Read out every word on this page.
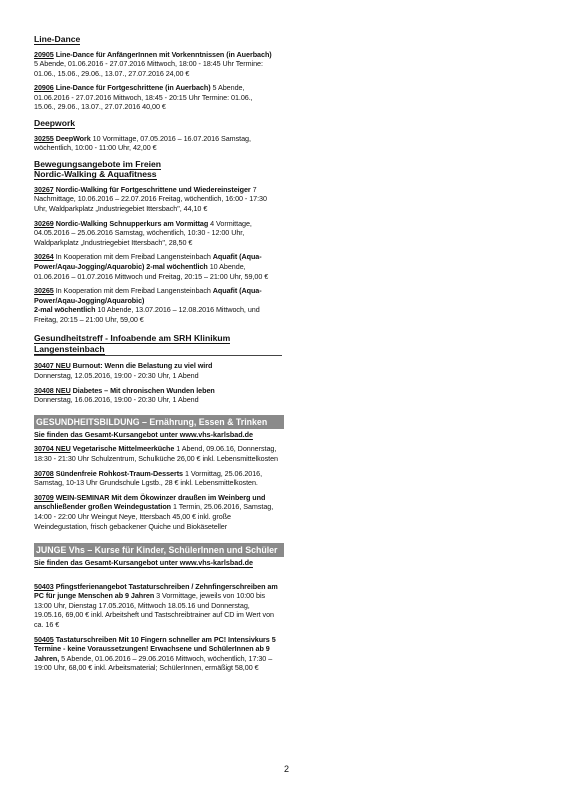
Line-Dance

20905 Line-Dance für AnfängerInnen mit Vorkenntnissen (in Auerbach)

5 Abende, 01.06.2016 - 27.07.2016 Mittwoch, 18:00 - 18:45 Uhr Termine:

01.06., 15.06., 29.06., 13.07., 27.07.2016 24,00 €

20906 Line-Dance für Fortgeschrittene (in Auerbach) 5 Abende,

01.06.2016 - 27.07.2016 Mittwoch, 18:45 - 20:15 Uhr Termine: 01.06.,

15.06., 29.06., 13.07., 27.07.2016 40,00 €

Deepwork

30255 DeepWork 10 Vormittage, 07.05.2016 – 16.07.2016 Samstag,

wöchentlich, 10:00 - 11:00 Uhr, 42,00 €

Bewegungsangebote im Freien
Nordic-Walking & Aquafitness

30267 Nordic-Walking für Fortgeschrittene und Wiedereinsteiger 7

Nachmittage, 10.06.2016 – 22.07.2016 Freitag, wöchentlich, 16:00 - 17:30

Uhr, Waldparkplatz „Industriegebiet Ittersbach", 44,10 €

30269 Nordic-Walking Schnupperkurs am Vormittag 4 Vormittage,

04.05.2016 – 25.06.2016 Samstag, wöchentlich, 10:30 - 12:00 Uhr,

Waldparkplatz „Industriegebiet Ittersbach", 28,50 €

30264 In Kooperation mit dem Freibad Langensteinbach Aquafit (Aqua-

Power/Aqau-Jogging/Aquarobic) 2-mal wöchentlich 10 Abende,

01.06.2016 – 01.07.2016 Mittwoch und Freitag, 20:15 – 21:00 Uhr, 59,00 €

30265 In Kooperation mit dem Freibad Langensteinbach Aquafit (Aqua-

Power/Aqau-Jogging/Aquarobic)

2-mal wöchentlich 10 Abende, 13.07.2016 – 12.08.2016 Mittwoch, und

Freitag, 20:15 – 21:00 Uhr, 59,00 €

Gesundheitstreff - Infoabende am SRH Klinikum Langensteinbach

30407 NEU Burnout: Wenn die Belastung zu viel wird

Donnerstag, 12.05.2016, 19:00 - 20:30 Uhr, 1 Abend

30408 NEU Diabetes – Mit chronischen Wunden leben

Donnerstag, 16.06.2016, 19:00 - 20:30 Uhr, 1 Abend

GESUNDHEITSBILDUNG – Ernährung, Essen & Trinken
Sie finden das Gesamt-Kursangebot unter www.vhs-karlsbad.de

30704 NEU Vegetarische Mittelmeerküche 1 Abend, 09.06.16, Donnerstag,

18:30 - 21:30 Uhr Schulzentrum, Schulküche 26,00 € inkl. Lebensmittelkosten

30708 Sündenfreie Rohkost-Traum-Desserts 1 Vormittag, 25.06.2016,

Samstag, 10-13 Uhr Grundschule Lgstb., 28 € inkl. Lebensmittelkosten.

30709 WEIN-SEMINAR Mit dem Ökowinzer draußen im Weinberg und

anschließender großen Weindegustation 1 Termin, 25.06.2016, Samstag,

14:00 - 22:00 Uhr Weingut Neye, Ittersbach 45,00 € inkl. große

Weindegustation, frisch gebackener Quiche und Biokäseteller

JUNGE Vhs – Kurse für Kinder, SchülerInnen und Schüler
Sie finden das Gesamt-Kursangebot unter www.vhs-karlsbad.de

50403 Pfingstferienangebot Tastaturschreiben / Zehnfingerschreiben am

PC für junge Menschen ab 9 Jahren 3 Vormittage, jeweils von 10:00 bis

13:00 Uhr, Dienstag 17.05.2016, Mittwoch 18.05.16 und Donnerstag,

19.05.16, 69,00 € inkl. Arbeitsheft und Tastschreibtrainer auf CD im Wert von

ca. 16 €

50405 Tastaturschreiben Mit 10 Fingern schneller am PC! Intensivkurs 5

Termine - keine Voraussetzungen! Erwachsene und SchülerInnen ab 9

Jahren, 5 Abende, 01.06.2016 – 29.06.2016 Mittwoch, wöchentlich, 17:30 –

19:00 Uhr, 68,00 € inkl. Arbeitsmaterial; SchülerInnen, ermäßigt 58,00 €

2
